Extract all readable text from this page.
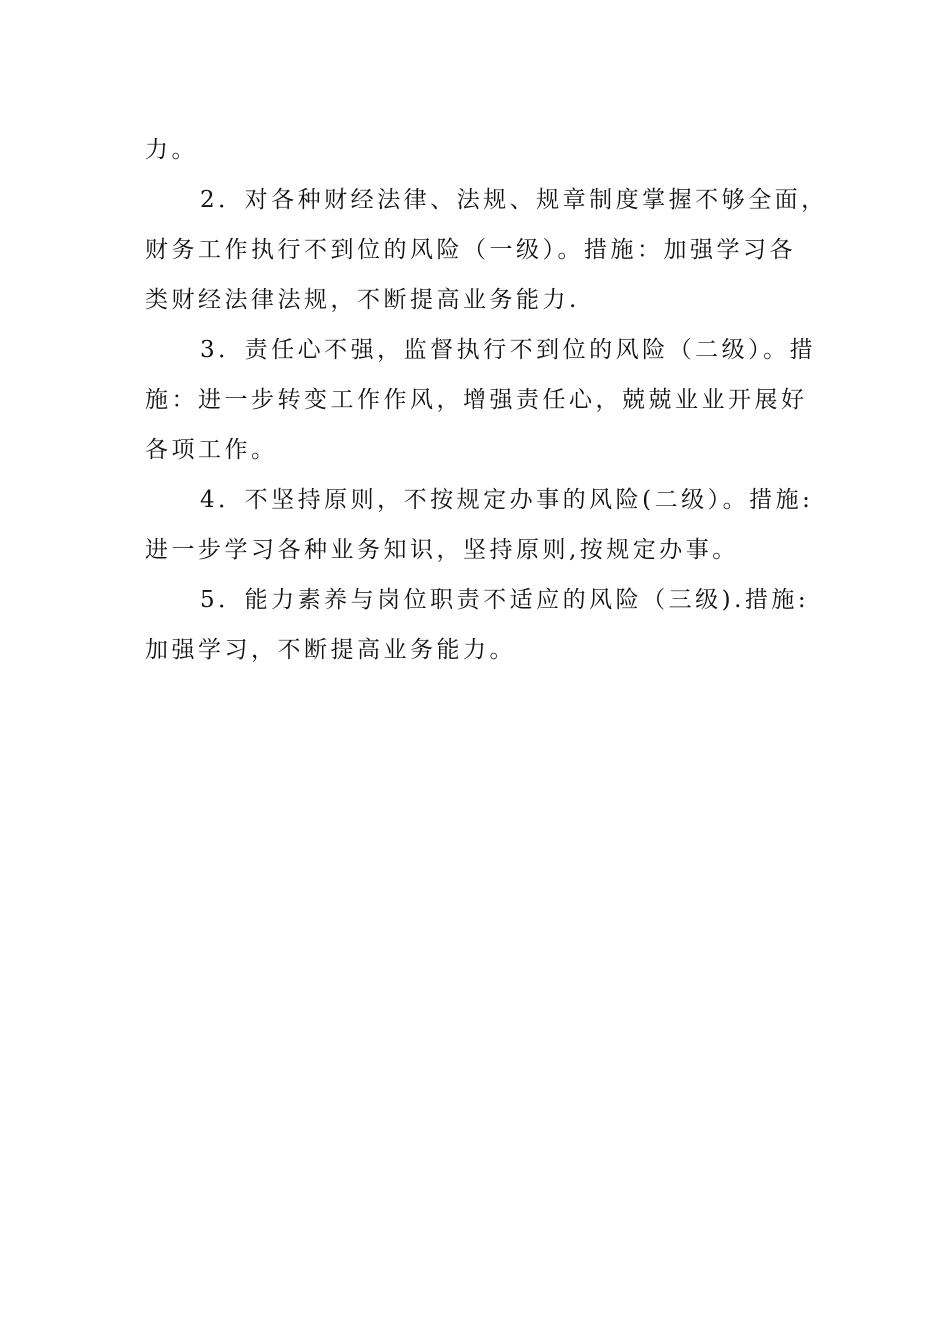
力。
2．对各种财经法律、法规、规章制度掌握不够全面，
财务工作执行不到位的风险（一级）。措施：加强学习各
类财经法律法规，不断提高业务能力.
3．责任心不强，监督执行不到位的风险（二级）。措
施：进一步转变工作作风，增强责任心，兢兢业业开展好
各项工作。
4．不坚持原则，不按规定办事的风险(二级）。措施:
进一步学习各种业务知识，坚持原则,按规定办事。
5．能力素养与岗位职责不适应的风险（三级).措施:
加强学习，不断提高业务能力。
